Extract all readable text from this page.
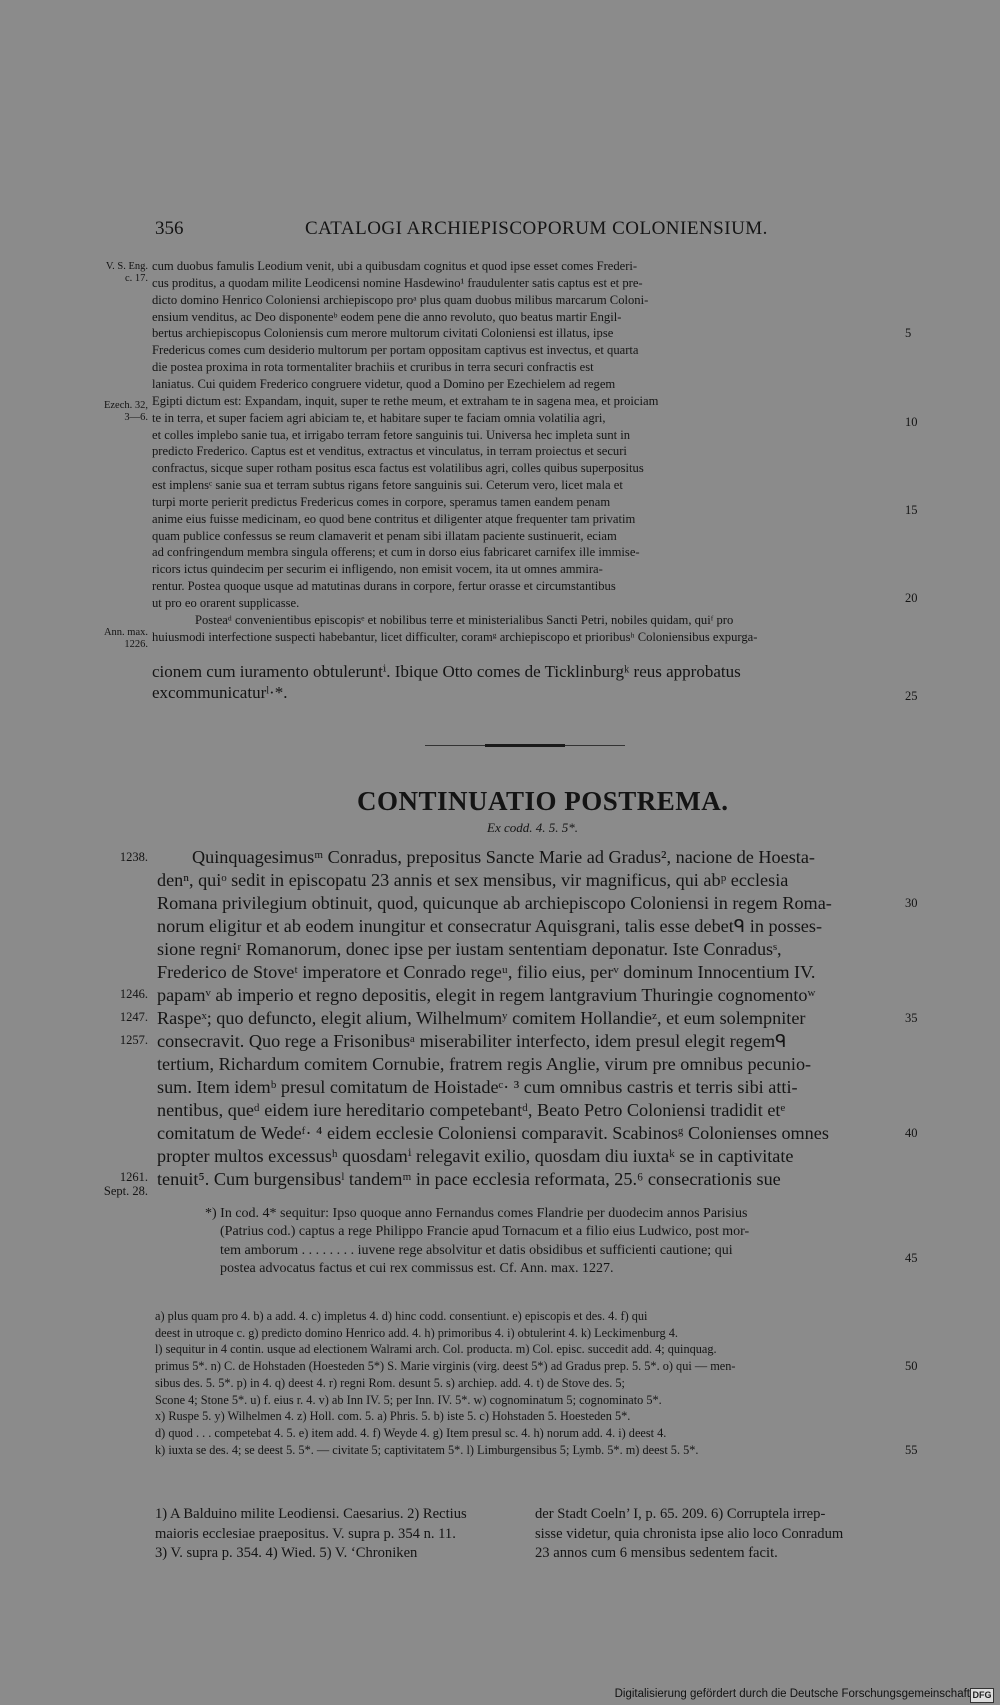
356	CATALOGI ARCHIEPISCOPORUM COLONIENSIUM.
V. S. Eng.
c. 17.
Ezech. 32,
3—6.
Ann. max.
1226.
cum duobus famulis Leodium venit, ubi a quibusdam cognitus et quod ipse esset comes Frederi-
cus proditus, a quodam milite Leodicensi nomine Hasdewino¹ fraudulenter satis captus est et pre-
dicto domino Henrico Coloniensi archiepiscopo proᵃ plus quam duobus milibus marcarum Coloni-
ensium venditus, ac Deo disponenteᵇ eodem pene die anno revoluto, quo beatus martir Engil-
bertus archiepiscopus Coloniensis cum merore multorum civitati Coloniensi est illatus, ipse
Fredericus comes cum desiderio multorum per portam oppositam captivus est invectus, et quarta
die postea proxima in rota tormentaliter brachiis et cruribus in terra securi confractis est
laniatus. Cui quidem Frederico congruere videtur, quod a Domino per Ezechielem ad regem
Egipti dictum est: Expandam, inquit, super te rethe meum, et extraham te in sagena mea, et proiciam
te in terra, et super faciem agri abiciam te, et habitare super te faciam omnia volatilia agri,
et colles implebo sanie tua, et irrigabo terram fetore sanguinis tui. Universa hec impleta sunt in
predicto Frederico. Captus est et venditus, extractus et vinculatus, in terram proiectus et securi
confractus, sicque super rotham positus esca factus est volatilibus agri, colles quibus superpositus
est implensᶜ sanie sua et terram subtus rigans fetore sanguinis sui. Ceterum vero, licet mala et
turpi morte perierit predictus Fredericus comes in corpore, speramus tamen eandem penam
anime eius fuisse medicinam, eo quod bene contritus et diligenter atque frequenter tam privatim
quam publice confessus se reum clamaverit et penam sibi illatam paciente sustinuerit, eciam
ad confringendum membra singula offerens; et cum in dorso eius fabricaret carnifex ille immise-
ricors ictus quindecim per securim ei infligendo, non emisit vocem, ita ut omnes ammira-
rentur. Postea quoque usque ad matutinas durans in corpore, fertur orasse et circumstantibus
ut pro eo orarent supplicasse.
Posteaᵈ convenientibus episcopisᵉ et nobilibus terre et ministerialibus Sancti Petri, nobiles quidam, quiᶠ pro
huiusmodi interfectione suspecti habebantur, licet difficulter, coramᵍ archiepiscopo et prioribusʰ Coloniensibus expurga-
cionem cum iuramento obtuleruntⁱ. Ibique Otto comes de Ticklinburgᵏ reus approbatus
excommunicaturˡ·*.
5
10
15
20
25
CONTINUATIO POSTREMA.
Ex codd. 4. 5. 5*.
1238.
1246.
1247.
1257.
1261.
Sept. 28.
Quinquagesimusᵐ Conradus, prepositus Sancte Marie ad Gradus², nacione de Hoesta-
denⁿ, quiᵒ sedit in episcopatu 23 annis et sex mensibus, vir magnificus, qui abᵖ ecclesia
Romana privilegium obtinuit, quod, quicunque ab archiepiscopo Coloniensi in regem Roma-
norum eligitur et ab eodem inungitur et consecratur Aquisgrani, talis esse debetᑫ in posses-
sione regniʳ Romanorum, donec ipse per iustam sententiam deponatur. Iste Conradusˢ,
Frederico de Stoveᵗ imperatore et Conrado regeᵘ, filio eius, perᵛ dominum Innocentium IV.
papamᵛ ab imperio et regno depositis, elegit in regem lantgravium Thuringie cognomentoʷ
Raspeˣ; quo defuncto, elegit alium, Wilhelmumʸ comitem Hollandieᶻ, et eum solempniter
consecravit. Quo rege a Frisonibusᵃ miserabiliter interfecto, idem presul elegit regemᑫ
tertium, Richardum comitem Cornubie, fratrem regis Anglie, virum pre omnibus pecunio-
sum. Item idemᵇ presul comitatum de Hoistadeᶜ· ³ cum omnibus castris et terris sibi atti-
nentibus, queᵈ eidem iure hereditario competebantᵈ, Beato Petro Coloniensi tradidit etᵉ
comitatum de Wedeᶠ· ⁴ eidem ecclesie Coloniensi comparavit. Scabinosᵍ Colonienses omnes
propter multos excessusʰ quosdamⁱ relegavit exilio, quosdam diu iuxtaᵏ se in captivitate
tenuit⁵. Cum burgensibusˡ tandemᵐ in pace ecclesia reformata, 25.⁶ consecrationis sue
30
35
40
*) In cod. 4* sequitur: Ipso quoque anno Fernandus comes Flandrie per duodecim annos Parisius
(Patrius cod.) captus a rege Philippo Francie apud Tornacum et a filio eius Ludwico, post mor-
tem amborum . . . . . . . . iuvene rege absolvitur et datis obsidibus et sufficienti cautione; qui
postea advocatus factus et cui rex commissus est. Cf. Ann. max. 1227.
45
a) plus quam pro 4. b) a add. 4. c) impletus 4. d) hinc codd. consentiunt. e) episcopis et des. 4. f) qui
deest in utroque c. g) predicto domino Henrico add. 4. h) primoribus 4. i) obtulerint 4. k) Leckimenburg 4.
l) sequitur in 4 contin. usque ad electionem Walrami arch. Col. producta. m) Col. episc. succedit add. 4; quinquag.
primus 5*. n) C. de Hohstaden (Hoesteden 5*) S. Marie virginis (virg. deest 5*) ad Gradus prep. 5. 5*. o) qui — men-
sibus des. 5. 5*. p) in 4. q) deest 4. r) regni Rom. desunt 5. s) archiep. add. 4. t) de Stove des. 5;
Scone 4; Stone 5*. u) f. eius r. 4. v) ab Inn IV. 5; per Inn. IV. 5*. w) cognominatum 5; cognominato 5*.
x) Ruspe 5. y) Wilhelmen 4. z) Holl. com. 5. a) Phris. 5. b) iste 5. c) Hohstaden 5. Hoesteden 5*.
d) quod . . . competebat 4. 5. e) item add. 4. f) Weyde 4. g) Item presul sc. 4. h) norum add. 4. i) deest 4.
k) iuxta se des. 4; se deest 5. 5*. — civitate 5; captivitatem 5*. l) Limburgensibus 5; Lymb. 5*. m) deest 5. 5*.
50
55
1) A Balduino milite Leodiensi. Caesarius. 2) Rectius
maioris ecclesiae praepositus. V. supra p. 354 n. 11.
3) V. supra p. 354. 4) Wied. 5) V. ‘Chroniken
der Stadt Coeln’ I, p. 65. 209. 6) Corruptela irrep-
sisse videtur, quia chronista ipse alio loco Conradum
23 annos cum 6 mensibus sedentem facit.
Digitalisierung gefördert durch die Deutsche Forschungsgemeinschaft DFG
